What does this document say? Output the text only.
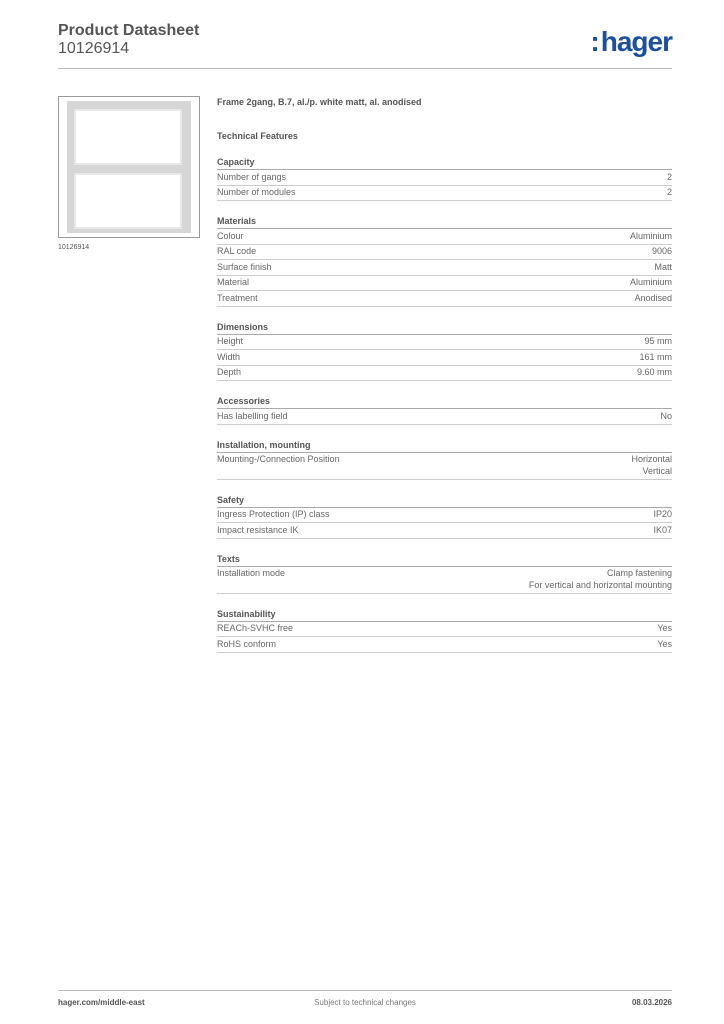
Product Datasheet
10126914	:hager
10126914
Frame 2gang, B.7, al./p. white matt, al. anodised
Technical Features
Capacity
Number of gangs	2
Number of modules	2
Materials
Colour	Aluminium
RAL code	9006
Surface finish	Matt
Material	Aluminium
Treatment	Anodised
Dimensions
Height	95 mm
Width	161 mm
Depth	9.60 mm
Accessories
Has labelling field	No
Installation, mounting
Mounting-/Connection Position	Horizontal
Vertical
Safety
Ingress Protection (IP) class	IP20
Impact resistance IK	IK07
Texts
Installation mode	Clamp fastening
For vertical and horizontal mounting
Sustainability
REACh-SVHC free	Yes
RoHS conform	Yes
hager.com/middle-east	Subject to technical changes	08.03.2026
